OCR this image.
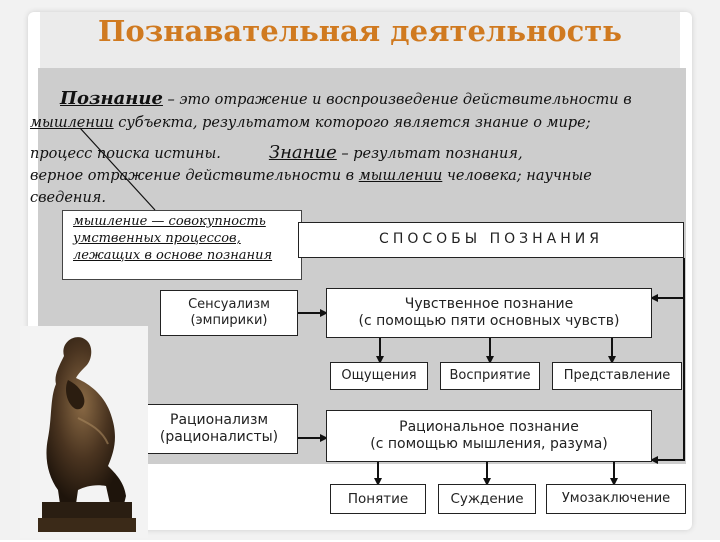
Познавательная деятельность
Познание – это отражение и воспроизведение действительности в
мышлении субъекта, результатом которого является знание о мире;
процесс поиска истины.	Знание – результат познания,
верное отражение действительности в мышлении человека; научные
сведения.
мышление — совокупность
умственных процессов,
лежащих в основе познания
СПОСОБЫ ПОЗНАНИЯ
Сенсуализм
(эмпирики)
Чувственное познание
(с помощью пяти основных чувств)
Ощущения	Восприятие	Представление
Рационализм
(рационалисты)
Рациональное познание
(с помощью мышления, разума)
Понятие	Суждение	Умозаключение
